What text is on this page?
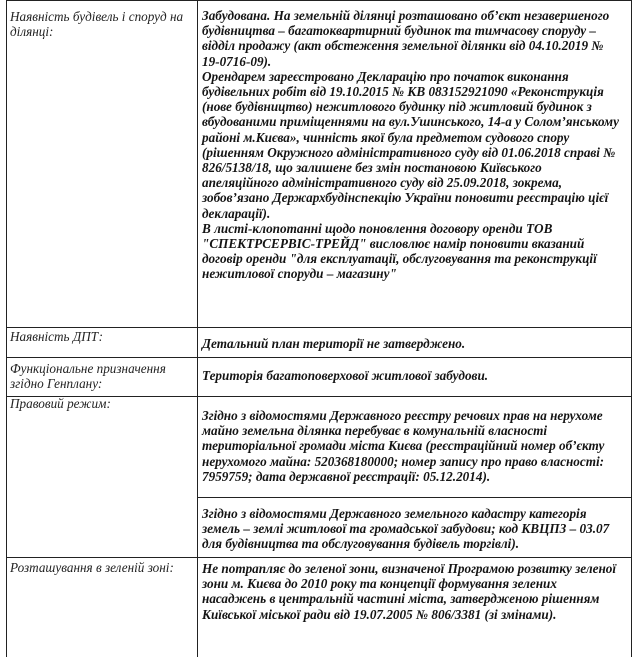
Наявність будівель і споруд на ділянці:

Забудована. На земельній ділянці розташовано об’єкт незавершеного будівництва – багатоквартирний будинок та тимчасову споруду – відділ продажу (акт обстеження земельної ділянки від 04.10.2019 № 19-0716-09).

Орендарем зареєстровано Декларацію про початок виконання будівельних робіт від 19.10.2015 № КВ 083152921090 «Реконструкція (нове будівництво) нежитлового будинку під житловий будинок з вбудованими приміщеннями на вул.Ушинського, 14-а у Солом’янському районі м.Києва», чинність якої була предметом судового спору (рішенням Окружного адміністративного суду від 01.06.2018 справі № 826/5138/18, що залишене без змін постановою Київського апеляційного адміністративного суду від 25.09.2018, зокрема, зобов’язано Держархбудінспекцію України поновити реєстрацію цієї декларації).

В листі-клопотанні щодо поновлення договору оренди ТОВ "СПЕКТРСЕРВІС-ТРЕЙД" висловлює намір поновити вказаний договір оренди "для експлуатації, обслуговування та реконструкції нежитлової споруди – магазину"

Наявність ДПТ:	Детальний план території не затверджено.

Функціональне призначення згідно Генплану:

Територія багатоповерхової житлової забудови.

Правовий режим:

Згідно з відомостями Державного реєстру речових прав на нерухоме майно земельна ділянка перебуває в комунальній власності територіальної громади міста Києва (реєстраційний номер об’єкту нерухомого майна: 520368180000; номер запису про право власності: 7959759; дата державної реєстрації: 05.12.2014).

Згідно з відомостями Державного земельного кадастру категорія земель – землі житлової та громадської забудови; код КВЦПЗ – 03.07 для будівництва та обслуговування будівель торгівлі).

Розташування в зеленій зоні:	Не потрапляє до зеленої зони, визначеної Програмою розвитку зеленої зони м. Києва до 2010 року та концепції формування зелених насаджень в центральній частині міста, затвердженою рішенням Київської міської ради від 19.07.2005 № 806/3381 (зі змінами).
